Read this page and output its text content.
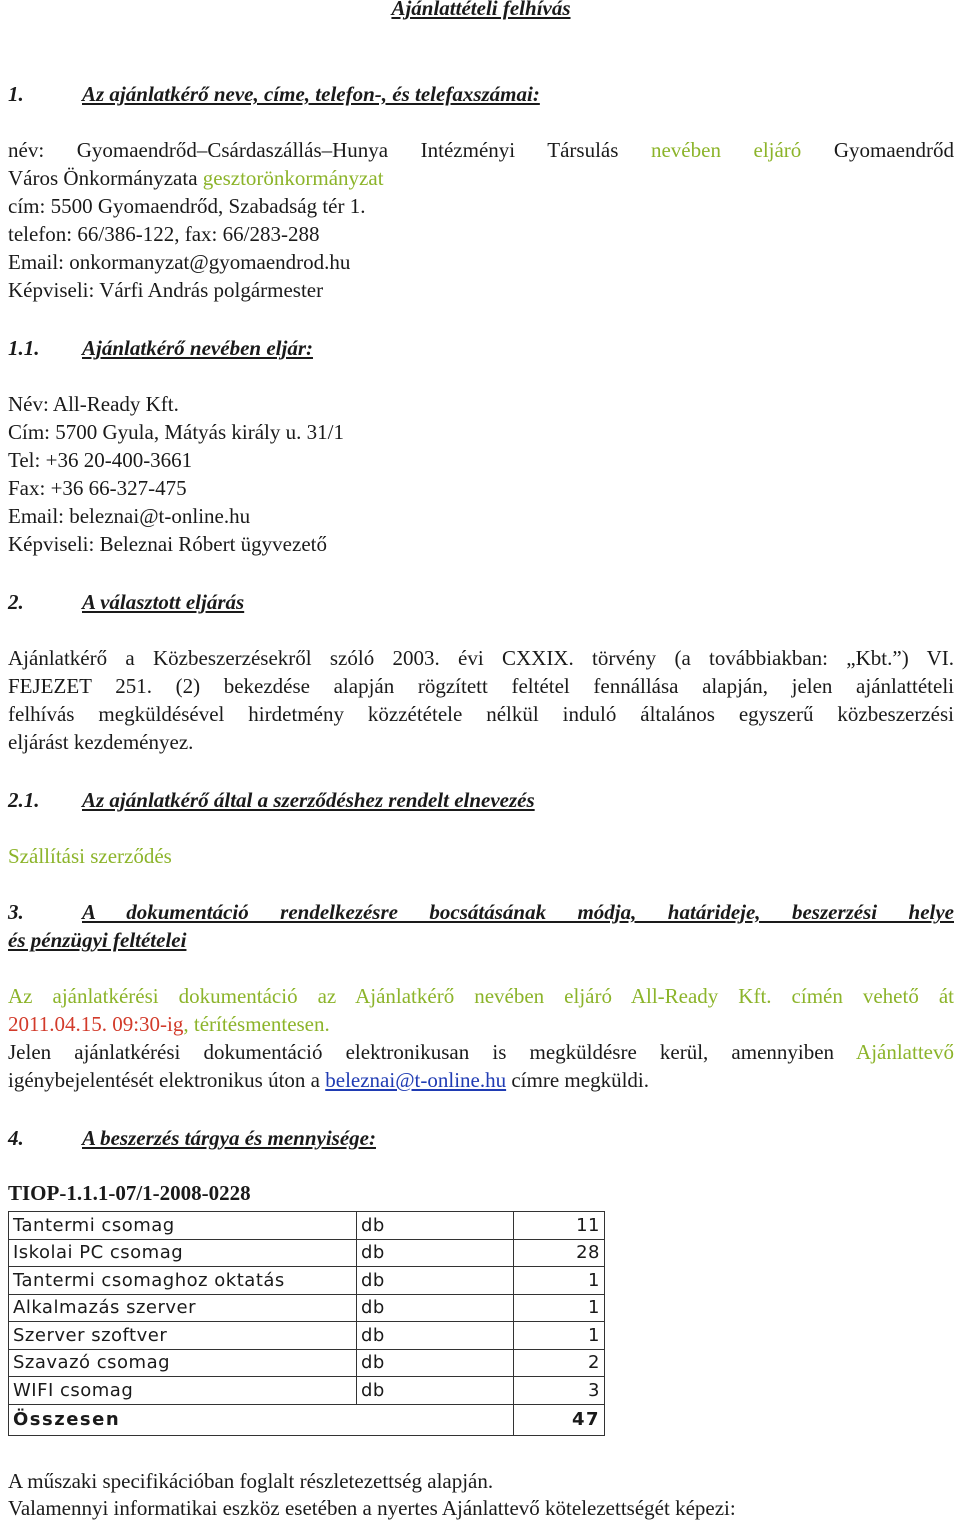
Ajánlattételi felhívás
1.	Az ajánlatkérő neve, címe, telefon-, és telefaxszámai:
név: Gyomaendrőd–Csárdaszállás–Hunya Intézményi Társulás nevében eljáró Gyomaendrőd
Város Önkormányzata gesztorönkormányzat
cím: 5500 Gyomaendrőd, Szabadság tér 1.
telefon: 66/386-122, fax: 66/283-288
Email: onkormanyzat@gyomaendrod.hu
Képviseli: Várfi András polgármester
1.1. Ajánlatkérő nevében eljár:
Név: All-Ready Kft.
Cím: 5700 Gyula, Mátyás király u. 31/1
Tel: +36 20-400-3661
Fax: +36 66-327-475
Email: beleznai@t-online.hu
Képviseli: Beleznai Róbert ügyvezető
2.	A választott eljárás
Ajánlatkérő a Közbeszerzésekről szóló 2003. évi CXXIX. törvény (a továbbiakban: „Kbt.”) VI.
FEJEZET 251. (2) bekezdése alapján rögzített feltétel fennállása alapján, jelen ajánlattételi
felhívás megküldésével hirdetmény közzététele nélkül induló általános egyszerű közbeszerzési
eljárást kezdeményez.
2.1. Az ajánlatkérő által a szerződéshez rendelt elnevezés
Szállítási szerződés
3.	A dokumentáció rendelkezésre bocsátásának módja, határideje, beszerzési helye
és pénzügyi feltételei
Az ajánlatkérési dokumentáció az Ajánlatkérő nevében eljáró All-Ready Kft. címén vehető át
2011.04.15. 09:30-ig, térítésmentesen.
Jelen ajánlatkérési dokumentáció elektronikusan is megküldésre kerül, amennyiben Ajánlattevő
igénybejelentését elektronikus úton a beleznai@t-online.hu címre megküldi.
4.	A beszerzés tárgya és mennyisége:
TIOP-1.1.1-07/1-2008-0228
Tantermi csomag	db	11
Iskolai PC csomag	db	28
Tantermi csomaghoz oktatás	db	1
Alkalmazás szerver	db	1
Szerver szoftver	db	1
Szavazó csomag	db	2
WIFI csomag	db	3
Összesen		47
A műszaki specifikációban foglalt részletezettség alapján.
Valamennyi informatikai eszköz esetében a nyertes Ajánlattevő kötelezettségét képezi:
